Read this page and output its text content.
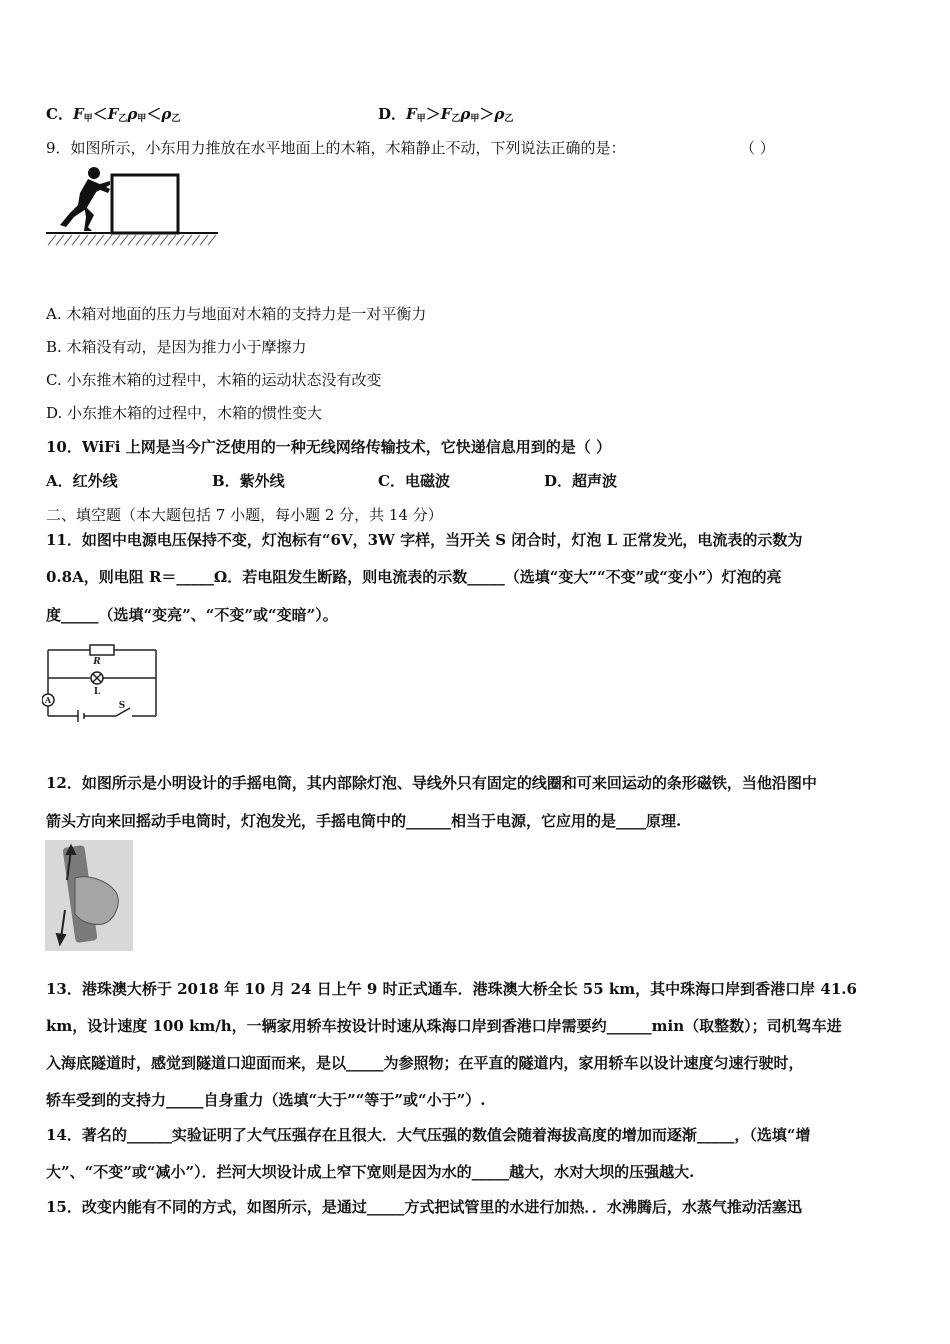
C．$F_甲<F_乙\rho_甲<\rho_乙$	D．$F_甲>F_乙\rho_甲>\rho_乙$
9．如图所示，小东用力推放在水平地面上的木箱，木箱静止不动，下列说法正确的是：	（ ）
A. 木箱对地面的压力与地面对木箱的支持力是一对平衡力
B. 木箱没有动，是因为推力小于摩擦力
C. 小东推木箱的过程中，木箱的运动状态没有改变
D. 小东推木箱的过程中，木箱的惯性变大
10．WiFi 上网是当今广泛使用的一种无线网络传输技术，它快递信息用到的是（ ）
A．红外线	B．紫外线	C．电磁波	D．超声波
二、填空题（本大题包括 7 小题，每小题 2 分，共 14 分）
11．如图中电源电压保持不变，灯泡标有“6V，3W 字样，当开关 S 闭合时，灯泡 L 正常发光，电流表的示数为
0.8A，则电阻 R＝_____Ω．若电阻发生断路，则电流表的示数_____（选填“变大”“不变”或“变小”）灯泡的亮
度_____（选填“变亮”、“不变”或“变暗”）。
R
L
A
S
12．如图所示是小明设计的手摇电筒，其内部除灯泡、导线外只有固定的线圈和可来回运动的条形磁铁，当他沿图中
箭头方向来回摇动手电筒时，灯泡发光，手摇电筒中的______相当于电源，它应用的是____原理.
13．港珠澳大桥于 2018 年 10 月 24 日上午 9 时正式通车．港珠澳大桥全长 55 km，其中珠海口岸到香港口岸 41.6
km，设计速度 100 km/h，一辆家用轿车按设计时速从珠海口岸到香港口岸需要约______min（取整数）；司机驾车进
入海底隧道时，感觉到隧道口迎面而来，是以_____为参照物；在平直的隧道内，家用轿车以设计速度匀速行驶时，
轿车受到的支持力_____自身重力（选填“大于”“等于”或“小于”）.
14．著名的______实验证明了大气压强存在且很大．大气压强的数值会随着海拔高度的增加而逐渐_____，（选填“增
大”、“不变”或“减小”）．拦河大坝设计成上窄下宽则是因为水的_____越大，水对大坝的压强越大.
15．改变内能有不同的方式，如图所示，是通过_____方式把试管里的水进行加热．．水沸腾后，水蒸气推动活塞迅
